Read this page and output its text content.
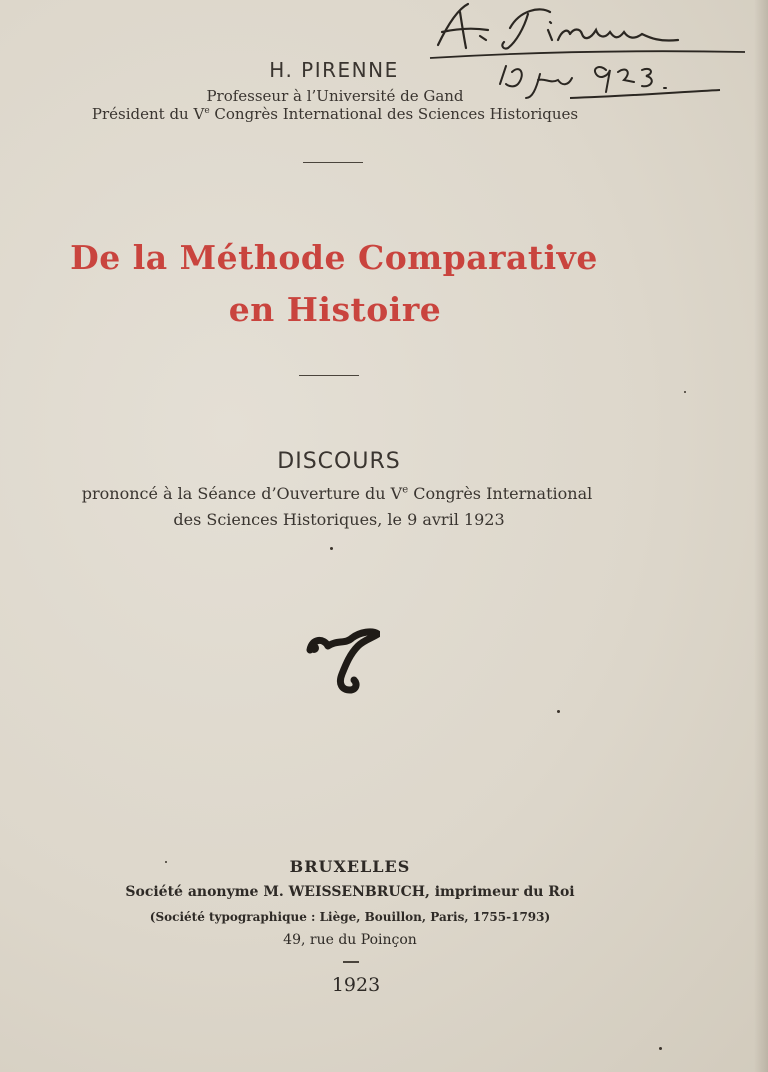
H. PIRENNE
Professeur à l’Université de Gand
Président du Ve Congrès International des Sciences Historiques
De la Méthode Comparative
en Histoire
DISCOURS
prononcé à la Séance d’Ouverture du Ve Congrès International
des Sciences Historiques, le 9 avril 1923
BRUXELLES
Société anonyme M. WEISSENBRUCH, imprimeur du Roi
(Société typographique : Liège, Bouillon, Paris, 1755-1793)
49, rue du Poinçon
1923
